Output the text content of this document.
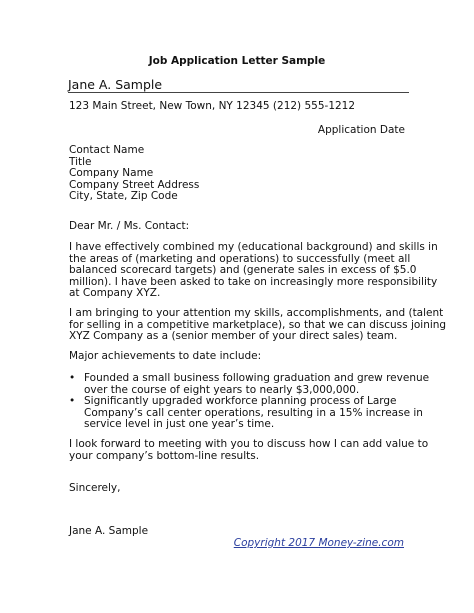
Job Application Letter Sample
Jane A. Sample
123 Main Street, New Town, NY 12345 (212) 555-1212
Application Date
Contact Name
Title
Company Name
Company Street Address
City, State, Zip Code
Dear Mr. / Ms. Contact:
I have effectively combined my (educational background) and skills in
the areas of (marketing and operations) to successfully (meet all
balanced scorecard targets) and (generate sales in excess of $5.0
million). I have been asked to take on increasingly more responsibility
at Company XYZ.
I am bringing to your attention my skills, accomplishments, and (talent
for selling in a competitive marketplace), so that we can discuss joining
XYZ Company as a (senior member of your direct sales) team.
Major achievements to date include:
• Founded a small business following graduation and grew revenue
over the course of eight years to nearly $3,000,000.
• Significantly upgraded workforce planning process of Large
Company’s call center operations, resulting in a 15% increase in
service level in just one year’s time.
I look forward to meeting with you to discuss how I can add value to
your company’s bottom-line results.
Sincerely,
Jane A. Sample
Copyright 2017 Money-zine.com
